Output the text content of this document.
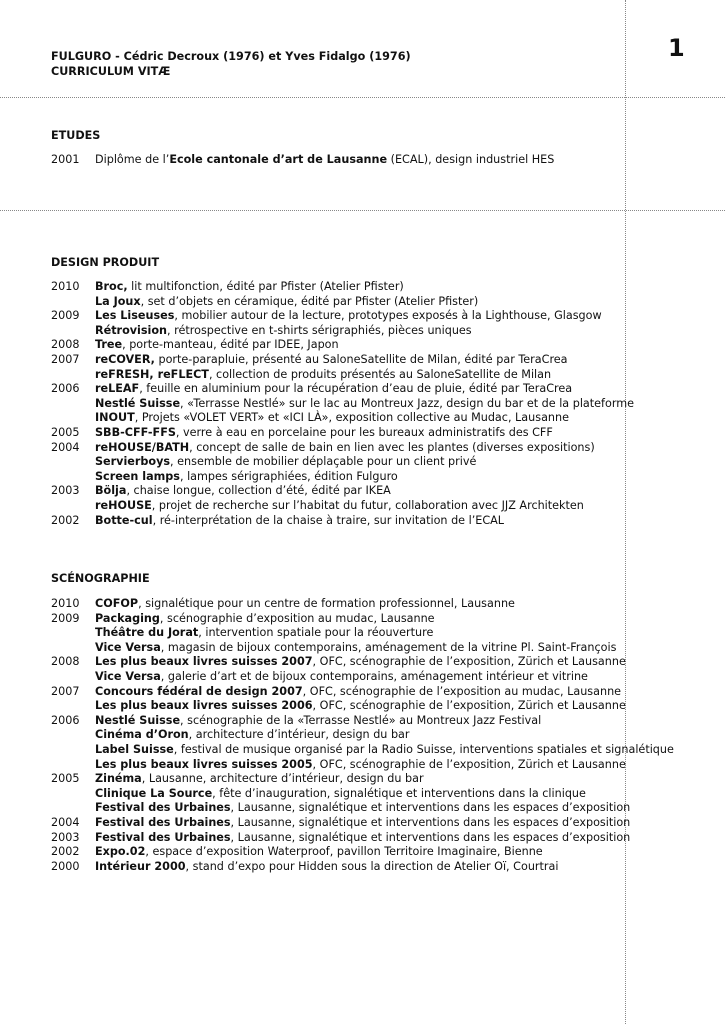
1
FULGURO - Cédric Decroux (1976) et Yves Fidalgo (1976)
CURRICULUM VITÆ
ETUDES
2001 Diplôme de l’Ecole cantonale d’art de Lausanne (ECAL), design industriel HES
DESIGN PRODUIT
2010 Broc, lit multifonction, édité par Pfister (Atelier Pfister)
La Joux, set d’objets en céramique, édité par Pfister (Atelier Pfister)
2009 Les Liseuses, mobilier autour de la lecture, prototypes exposés à la Lighthouse, Glasgow
Rétrovision, rétrospective en t-shirts sérigraphiés, pièces uniques
2008 Tree, porte-manteau, édité par IDEE, Japon
2007 reCOVER, porte-parapluie, présenté au SaloneSatellite de Milan, édité par TeraCrea
reFRESH, reFLECT, collection de produits présentés au SaloneSatellite de Milan
2006 reLEAF, feuille en aluminium pour la récupération d’eau de pluie, édité par TeraCrea
Nestlé Suisse, «Terrasse Nestlé» sur le lac au Montreux Jazz, design du bar et de la plateforme
INOUT, Projets «VOLET VERT» et «ICI LÀ», exposition collective au Mudac, Lausanne
2005 SBB-CFF-FFS, verre à eau en porcelaine pour les bureaux administratifs des CFF
2004 reHOUSE/BATH, concept de salle de bain en lien avec les plantes (diverses expositions)
Servierboys, ensemble de mobilier déplaçable pour un client privé
Screen lamps, lampes sérigraphiées, édition Fulguro
2003 Bölja, chaise longue, collection d’été, édité par IKEA
reHOUSE, projet de recherche sur l’habitat du futur, collaboration avec JJZ Architekten
2002 Botte-cul, ré-interprétation de la chaise à traire, sur invitation de l’ECAL
SCÉNOGRAPHIE
2010 COFOP, signalétique pour un centre de formation professionnel, Lausanne
2009 Packaging, scénographie d’exposition au mudac, Lausanne
Théâtre du Jorat, intervention spatiale pour la réouverture
Vice Versa, magasin de bijoux contemporains, aménagement de la vitrine Pl. Saint-François
2008 Les plus beaux livres suisses 2007, OFC, scénographie de l’exposition, Zürich et Lausanne
Vice Versa, galerie d’art et de bijoux contemporains, aménagement intérieur et vitrine
2007 Concours fédéral de design 2007, OFC, scénographie de l’exposition au mudac, Lausanne
Les plus beaux livres suisses 2006, OFC, scénographie de l’exposition, Zürich et Lausanne
2006 Nestlé Suisse, scénographie de la «Terrasse Nestlé» au Montreux Jazz Festival
Cinéma d’Oron, architecture d’intérieur, design du bar
Label Suisse, festival de musique organisé par la Radio Suisse, interventions spatiales et signalétique
Les plus beaux livres suisses 2005, OFC, scénographie de l’exposition, Zürich et Lausanne
2005 Zinéma, Lausanne, architecture d’intérieur, design du bar
Clinique La Source, fête d’inauguration, signalétique et interventions dans la clinique
Festival des Urbaines, Lausanne, signalétique et interventions dans les espaces d’exposition
2004 Festival des Urbaines, Lausanne, signalétique et interventions dans les espaces d’exposition
2003 Festival des Urbaines, Lausanne, signalétique et interventions dans les espaces d’exposition
2002 Expo.02, espace d’exposition Waterproof, pavillon Territoire Imaginaire, Bienne
2000 Intérieur 2000, stand d’expo pour Hidden sous la direction de Atelier Oï, Courtrai
